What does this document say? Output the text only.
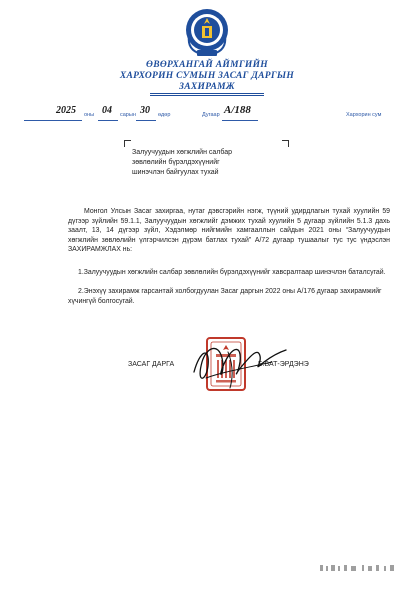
ӨВӨРХАНГАЙ АЙМГИЙН
ХАРХОРИН СУМЫН ЗАСАГ ДАРГЫН
ЗАХИРАМЖ
2025 оны 04 сарын 30 өдөр	Дугаар А/188	Хархорин сум
Залуучуудын хөгжлийн салбар
зөвлөлийн бүрэлдэхүүнийг
шинэчлэн байгуулах тухай
Монгол Улсын Засаг захиргаа, нутаг дэвсгэрийн нэгж, түүний удирдлагын тухай хуулийн 59 дүгээр зүйлийн 59.1.1, Залуучуудын хөгжлийг дэмжих тухай хуулийн 5 дугаар зүйлийн 5.1.3 дахь заалт, 13, 14 дүгээр зүйл, Хэдэлмөр нийгмийн хамгааллын сайдын 2021 оны “Залуучуудын хөгжлийн зөвлөлийн үлгэрчилсэн дүрэм батлах тухай” А/72 дугаар тушаалыг тус тус үндэслэн ЗАХИРАМЖЛАХ нь:
1.Залуучуудын хөгжлийн салбар зөвлөлийн бүрэлдэхүүнийг хавсралтаар шинэчлэн баталсугай.
2.Энэхүү захирамж гарсантай холбогдуулан Засаг даргын 2022 оны А/176 дугаар захирамжийг хүчингүй болгосугай.
ЗАСАГ ДАРГА	Б.БАТ-ЭРДЭНЭ
